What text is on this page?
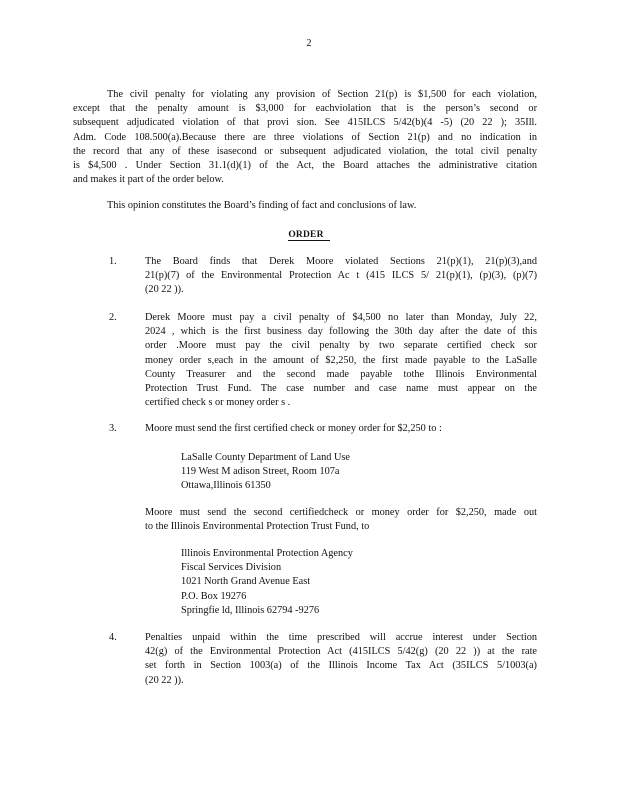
2
The civil penalty for violating any provision of Section 21(p) is $1,500 for each violation,
except that the penalty amount is $3,000 for eachviolation that is the person’s second or
subsequent adjudicated violation of that provi sion. See 415ILCS 5/42(b)(4 -5) (20 22 ); 35Ill.
Adm. Code 108.500(a).Because there are three violations of Section 21(p) and no indication in
the record that any of these isasecond or subsequent adjudicated violation, the total civil penalty
is $4,500 . Under Section 31.1(d)(1) of the Act, the Board attaches the administrative citation
and makes it part of the order below.
This opinion constitutes the Board’s finding of fact and conclusions of law.
ORDER
1.	The Board finds that Derek Moore violated Sections 21(p)(1), 21(p)(3),and
21(p)(7) of the Environmental Protection Ac t (415 ILCS 5/ 21(p)(1), (p)(3), (p)(7)
(20 22 )).
2.	Derek Moore must pay a civil penalty of $4,500 no later than Monday, July 22,
2024 , which is the first business day following the 30th day after the date of this
order .Moore must pay the civil penalty by two separate certified check sor
money order s,each in the amount of $2,250, the first made payable to the LaSalle
County Treasurer and the second made payable tothe Illinois Environmental
Protection Trust Fund. The case number and case name must appear on the
certified check s or money order s .
3.	Moore must send the first certified check or money order for $2,250 to :
LaSalle County Department of Land Use
119 West M adison Street, Room 107a
Ottawa,Illinois 61350
Moore must send the second certifiedcheck or money order for $2,250, made out
to the Illinois Environmental Protection Trust Fund, to
Illinois Environmental Protection Agency
Fiscal Services Division
1021 North Grand Avenue East
P.O. Box 19276
Springfie ld, Illinois 62794 -9276
4.	Penalties unpaid within the time prescribed will accrue interest under Section
42(g) of the Environmental Protection Act (415ILCS 5/42(g) (20 22 )) at the rate
set forth in Section 1003(a) of the Illinois Income Tax Act (35ILCS 5/1003(a)
(20 22 )).
